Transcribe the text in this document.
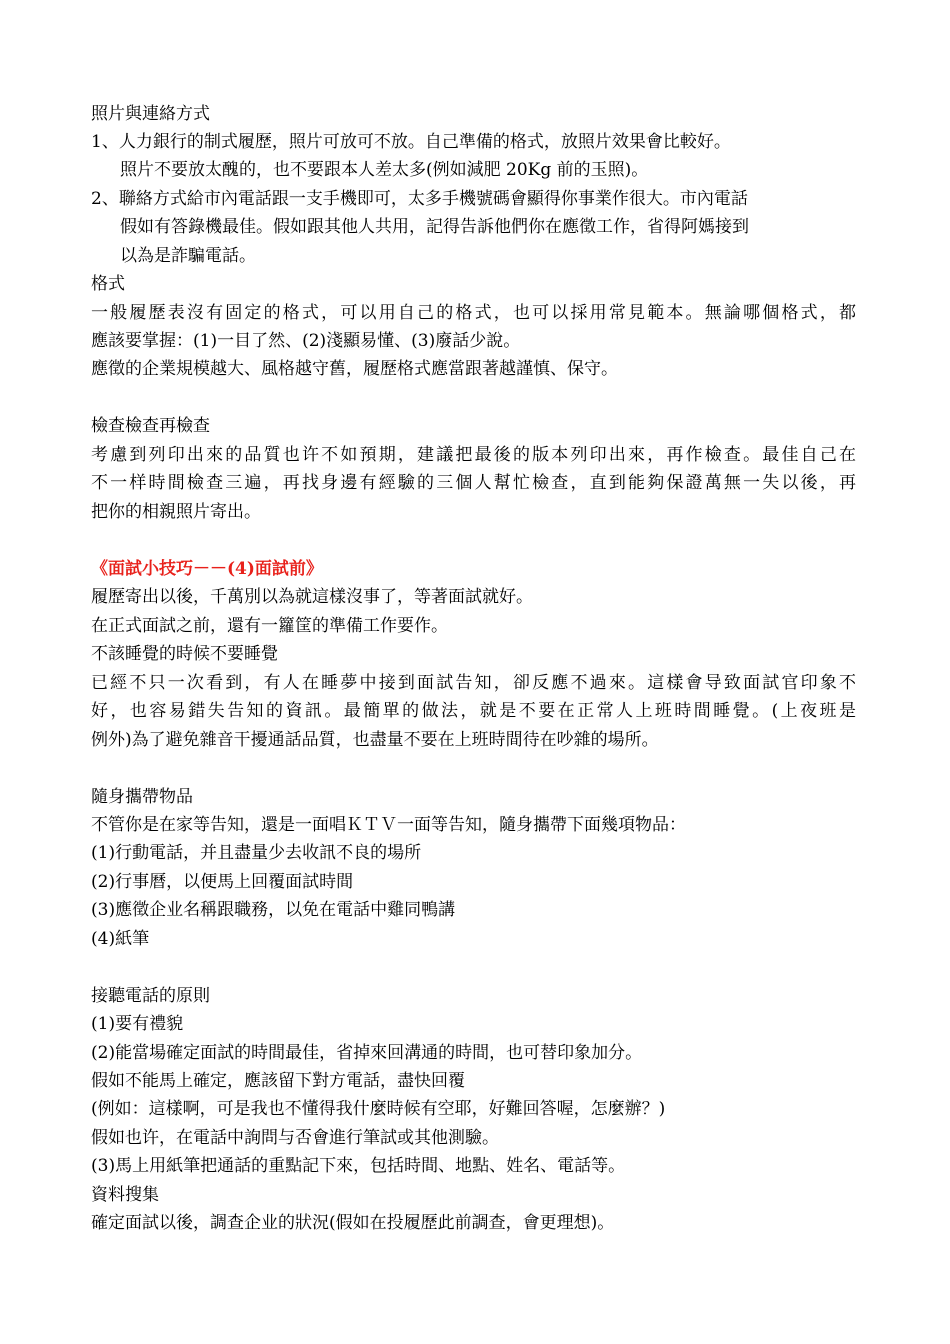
照片與連絡方式
1、人力銀行的制式履歷，照片可放可不放。自己準備的格式，放照片效果會比較好。
照片不要放太醜的，也不要跟本人差太多(例如減肥 20Kg 前的玉照)。
2、聯絡方式給市內電話跟一支手機即可，太多手機號碼會顯得你事業作很大。市內電話
假如有答錄機最佳。假如跟其他人共用，記得告訴他們你在應徵工作，省得阿媽接到
以為是詐騙電話。
格式
一般履歷表沒有固定的格式，可以用自己的格式，也可以採用常見範本。無論哪個格式，都
應該要掌握：(1)一目了然、(2)淺顯易懂、(3)廢話少說。
應徵的企業規模越大、風格越守舊，履歷格式應當跟著越謹慎、保守。
檢查檢查再檢查
考慮到列印出來的品質也许不如預期，建議把最後的版本列印出來，再作檢查。最佳自己在
不一样時間檢查三遍，再找身邊有經驗的三個人幫忙檢查，直到能夠保證萬無一失以後，再
把你的相親照片寄出。
《面試小技巧－－(4)面試前》
履歷寄出以後，千萬別以為就這樣沒事了，等著面試就好。
在正式面試之前，還有一籮筐的準備工作要作。
不該睡覺的時候不要睡覺
已經不只一次看到，有人在睡夢中接到面試告知，卻反應不過來。這樣會导致面試官印象不
好，也容易錯失告知的資訊。最簡單的做法，就是不要在正常人上班時間睡覺。(上夜班是
例外)為了避免雜音干擾通話品質，也盡量不要在上班時間待在吵雜的場所。
隨身攜帶物品
不管你是在家等告知，還是一面唱ＫＴＶ一面等告知，隨身攜帶下面幾項物品：
(1)行動電話，并且盡量少去收訊不良的場所
(2)行事曆，以便馬上回覆面試時間
(3)應徵企业名稱跟職務，以免在電話中雞同鴨講
(4)紙筆
接聽電話的原則
(1)要有禮貌
(2)能當場確定面試的時間最佳，省掉來回溝通的時間，也可替印象加分。
假如不能馬上確定，應該留下對方電話，盡快回覆
(例如：這樣啊，可是我也不懂得我什麼時候有空耶，好難回答喔，怎麼辦？)
假如也许，在電話中詢問与否會進行筆試或其他測驗。
(3)馬上用紙筆把通話的重點記下來，包括時間、地點、姓名、電話等。
資料搜集
確定面試以後，調查企业的狀況(假如在投履歷此前調查，會更理想)。
